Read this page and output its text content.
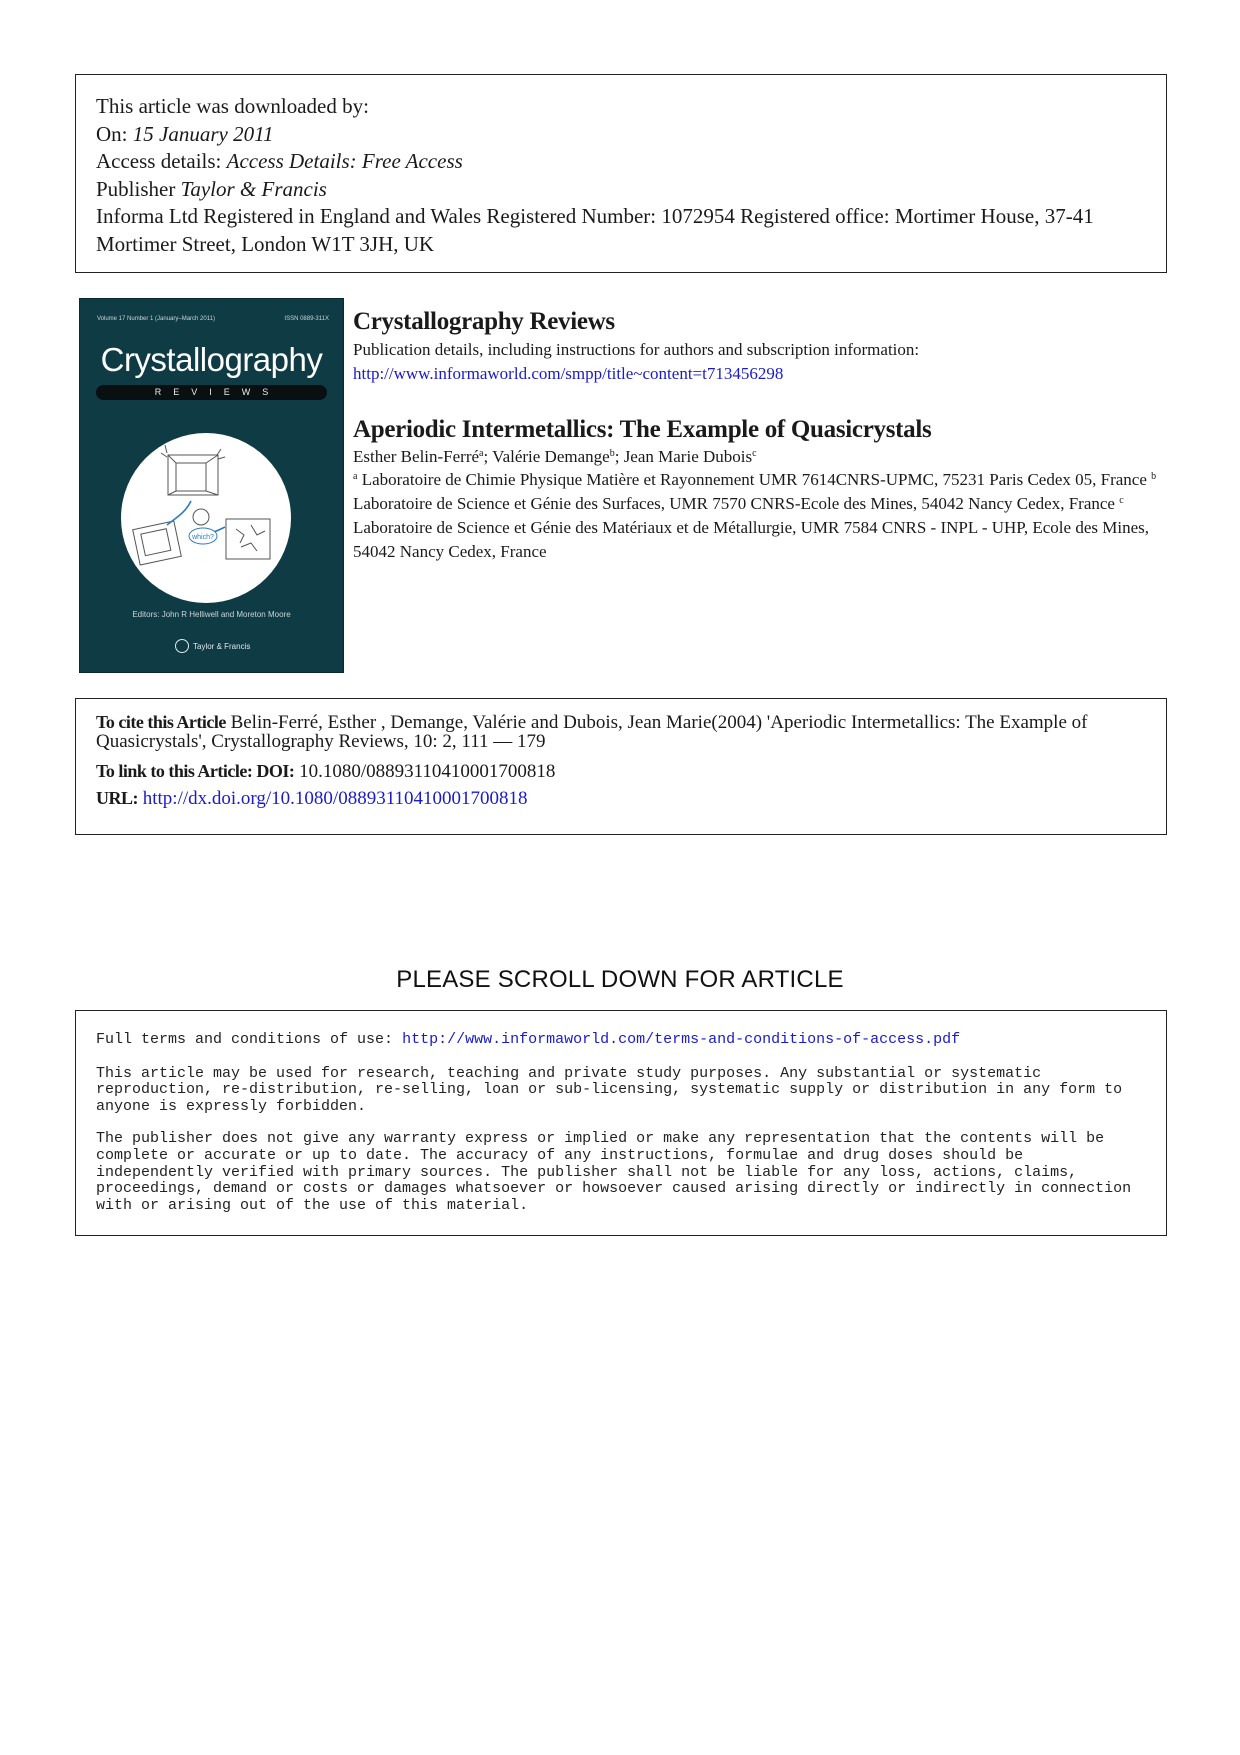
This article was downloaded by:
On: 15 January 2011
Access details: Access Details: Free Access
Publisher Taylor & Francis
Informa Ltd Registered in England and Wales Registered Number: 1072954 Registered office: Mortimer House, 37-41 Mortimer Street, London W1T 3JH, UK
Volume 17 Number 1 (January–March 2011)	ISSN 0889-311X
Crystallography
REVIEWS
which?
Editors: John R Helliwell and Moreton Moore
Taylor & Francis
Crystallography Reviews
Publication details, including instructions for authors and subscription information:
http://www.informaworld.com/smpp/title~content=t713456298
Aperiodic Intermetallics: The Example of Quasicrystals
Esther Belin-Ferré$^a$; Valérie Demange$^b$; Jean Marie Dubois$^c$
$^a$ Laboratoire de Chimie Physique Matière et Rayonnement UMR 7614CNRS-UPMC, 75231 Paris Cedex 05, France $^b$ Laboratoire de Science et Génie des Surfaces, UMR 7570 CNRS-Ecole des Mines, 54042 Nancy Cedex, France $^c$ Laboratoire de Science et Génie des Matériaux et de Métallurgie, UMR 7584 CNRS - INPL - UHP, Ecole des Mines, 54042 Nancy Cedex, France
To cite this Article Belin-Ferré, Esther , Demange, Valérie and Dubois, Jean Marie(2004) 'Aperiodic Intermetallics: The Example of Quasicrystals', Crystallography Reviews, 10: 2, 111 — 179
To link to this Article: DOI: 10.1080/08893110410001700818
URL: http://dx.doi.org/10.1080/08893110410001700818
PLEASE SCROLL DOWN FOR ARTICLE

Full terms and conditions of use: http://www.informaworld.com/terms-and-conditions-of-access.pdf

This article may be used for research, teaching and private study purposes. Any substantial or systematic reproduction, re-distribution, re-selling, loan or sub-licensing, systematic supply or distribution in any form to anyone is expressly forbidden.

The publisher does not give any warranty express or implied or make any representation that the contents will be complete or accurate or up to date. The accuracy of any instructions, formulae and drug doses should be independently verified with primary sources. The publisher shall not be liable for any loss, actions, claims, proceedings, demand or costs or damages whatsoever or howsoever caused arising directly or indirectly in connection with or arising out of the use of this material.
